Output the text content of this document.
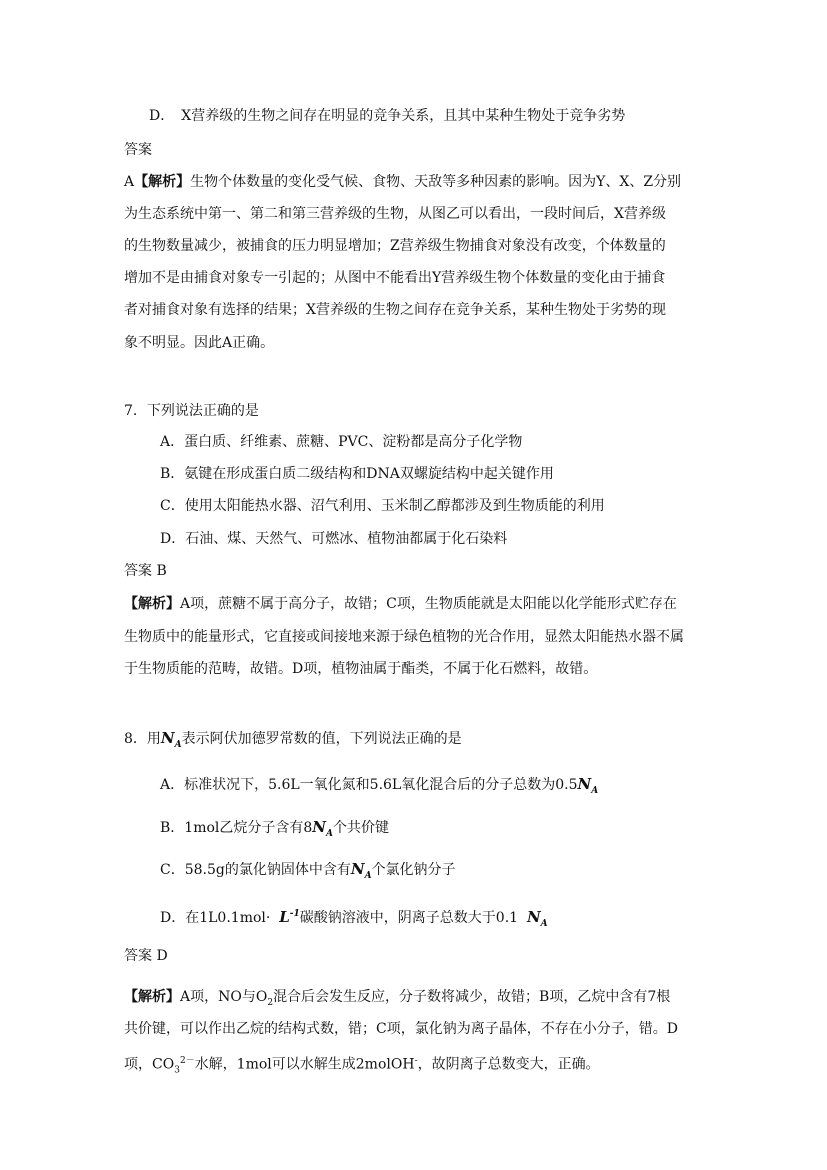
D．　X营养级的生物之间存在明显的竞争关系，且其中某种生物处于竞争劣势
答案
A【解析】生物个体数量的变化受气候、食物、天敌等多种因素的影响。因为Y、X、Z分别
为生态系统中第一、第二和第三营养级的生物，从图乙可以看出，一段时间后，X营养级
的生物数量减少，被捕食的压力明显增加；Z营养级生物捕食对象没有改变，个体数量的
增加不是由捕食对象专一引起的；从图中不能看出Y营养级生物个体数量的变化由于捕食
者对捕食对象有选择的结果；X营养级的生物之间存在竞争关系，某种生物处于劣势的现
象不明显。因此A正确。
7．下列说法正确的是
A．蛋白质、纤维素、蔗糖、PVC、淀粉都是高分子化学物
B．氨键在形成蛋白质二级结构和DNA双螺旋结构中起关键作用
C．使用太阳能热水器、沼气利用、玉米制乙醇都涉及到生物质能的利用
D．石油、煤、天然气、可燃冰、植物油都属于化石染料
答案 B
【解析】A项，蔗糖不属于高分子，故错；C项，生物质能就是太阳能以化学能形式贮存在
生物质中的能量形式，它直接或间接地来源于绿色植物的光合作用，显然太阳能热水器不属
于生物质能的范畴，故错。D项，植物油属于酯类，不属于化石燃料，故错。
8．用$N_A$表示阿伏加德罗常数的值，下列说法正确的是
A．标准状况下，5.6L一氧化氮和5.6L氧化混合后的分子总数为$0.5N_A$
B．1mol乙烷分子含有$8N_A$个共价键
C．58.5g的氯化钠固体中含有$N_A$个氯化钠分子
D．在$1L0.1mol\cdot L^{-1}$碳酸钠溶液中，阴离子总数大于0.1 $N_A$
答案 D
【解析】A项，NO与$O_2$混合后会发生反应，分子数将减少，故错；B项，乙烷中含有7根
共价键，可以作出乙烷的结构式数，错；C项，氯化钠为离子晶体，不存在小分子，错。D
项，$CO_3^{2-}$水解，1mol可以水解生成2molOH-，故阴离子总数变大，正确。
